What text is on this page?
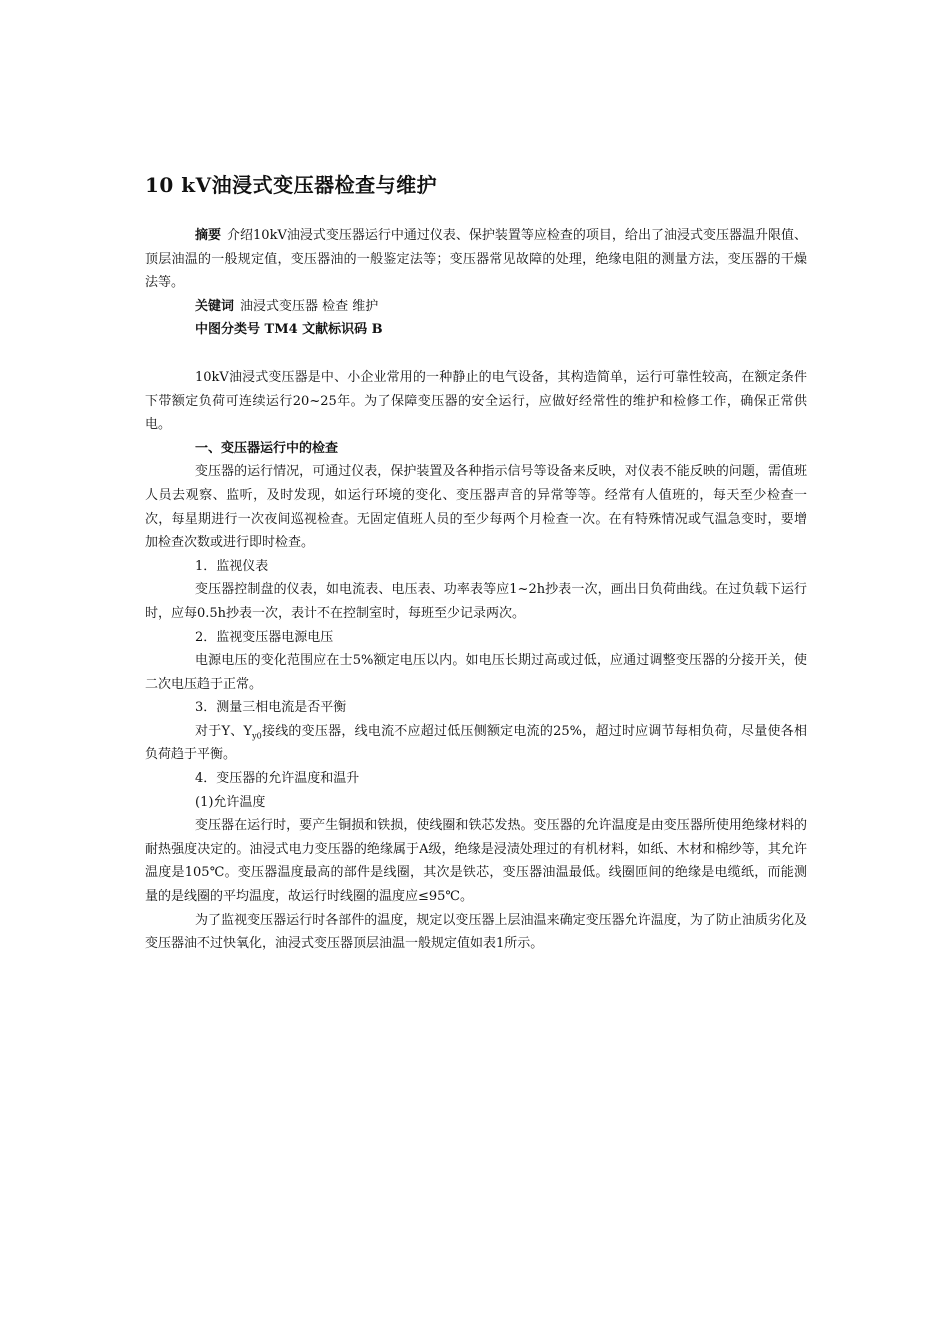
10 kV油浸式变压器检查与维护

摘要 介绍10kV油浸式变压器运行中通过仪表、保护装置等应检查的项目，给出了油浸式变压器温升限值、顶层油温的一般规定值，变压器油的一般鉴定法等；变压器常见故障的处理，绝缘电阻的测量方法，变压器的干燥法等。

关键词 油浸式变压器 检查 维护

中图分类号 TM4 文献标识码 B

10kV油浸式变压器是中、小企业常用的一种静止的电气设备，其构造简单，运行可靠性较高，在额定条件下带额定负荷可连续运行20~25年。为了保障变压器的安全运行，应做好经常性的维护和检修工作，确保正常供电。

一、变压器运行中的检查

变压器的运行情况，可通过仪表，保护装置及各种指示信号等设备来反映，对仪表不能反映的问题，需值班人员去观察、监听，及时发现，如运行环境的变化、变压器声音的异常等等。经常有人值班的，每天至少检查一次，每星期进行一次夜间巡视检查。无固定值班人员的至少每两个月检查一次。在有特殊情况或气温急变时，要增加检查次数或进行即时检查。

1．监视仪表

变压器控制盘的仪表，如电流表、电压表、功率表等应1~2h抄表一次，画出日负荷曲线。在过负载下运行时，应每0.5h抄表一次，表计不在控制室时，每班至少记录两次。

2．监视变压器电源电压

电源电压的变化范围应在士5%额定电压以内。如电压长期过高或过低，应通过调整变压器的分接开关，使二次电压趋于正常。

3．测量三相电流是否平衡

对于Y、$Y_{y0}$接线的变压器，线电流不应超过低压侧额定电流的25%，超过时应调节每相负荷，尽量使各相负荷趋于平衡。

4．变压器的允许温度和温升

(1)允许温度

变压器在运行时，要产生铜损和铁损，使线圈和铁芯发热。变压器的允许温度是由变压器所使用绝缘材料的耐热强度决定的。油浸式电力变压器的绝缘属于A级，绝缘是浸渍处理过的有机材料，如纸、木材和棉纱等，其允许温度是105℃。变压器温度最高的部件是线圈，其次是铁芯，变压器油温最低。线圈匝间的绝缘是电缆纸，而能测量的是线圈的平均温度，故运行时线圈的温度应≤95℃。

为了监视变压器运行时各部件的温度，规定以变压器上层油温来确定变压器允许温度，为了防止油质劣化及变压器油不过快氧化，油浸式变压器顶层油温一般规定值如表1所示。
